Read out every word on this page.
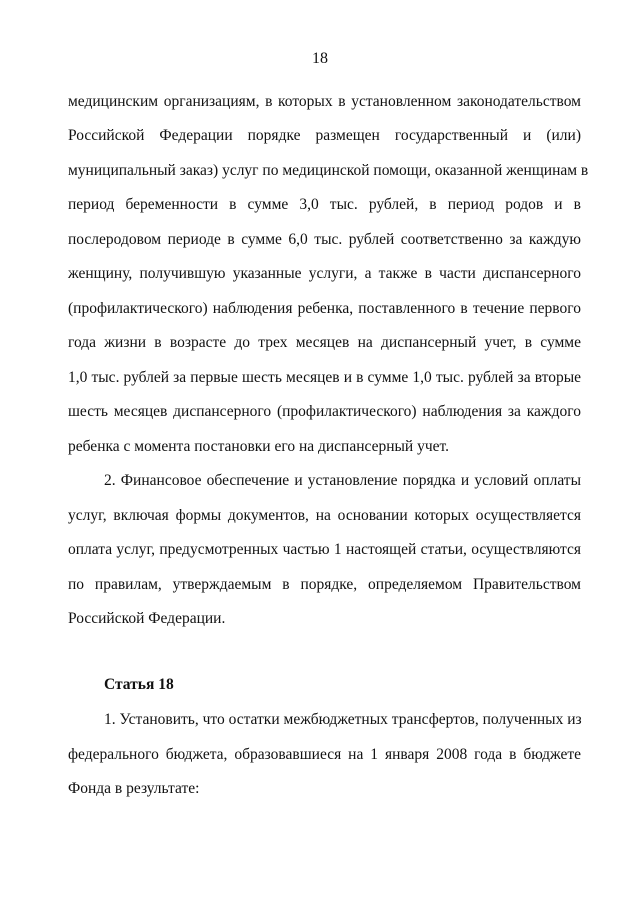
18
медицинским организациям, в которых в установленном законодательством
Российской Федерации порядке размещен государственный и (или)
муниципальный заказ) услуг по медицинской помощи, оказанной женщинам в
период беременности в сумме 3,0 тыс. рублей, в период родов и в
послеродовом периоде в сумме 6,0 тыс. рублей соответственно за каждую
женщину, получившую указанные услуги, а также в части диспансерного
(профилактического) наблюдения ребенка, поставленного в течение первого
года жизни в возрасте до трех месяцев на диспансерный учет, в сумме
1,0 тыс. рублей за первые шесть месяцев и в сумме 1,0 тыс. рублей за вторые
шесть месяцев диспансерного (профилактического) наблюдения за каждого
ребенка с момента постановки его на диспансерный учет.
2. Финансовое обеспечение и установление порядка и условий оплаты
услуг, включая формы документов, на основании которых осуществляется
оплата услуг, предусмотренных частью 1 настоящей статьи, осуществляются
по правилам, утверждаемым в порядке, определяемом Правительством
Российской Федерации.
Статья 18
1. Установить, что остатки межбюджетных трансфертов, полученных из
федерального бюджета, образовавшиеся на 1 января 2008 года в бюджете
Фонда в результате:
